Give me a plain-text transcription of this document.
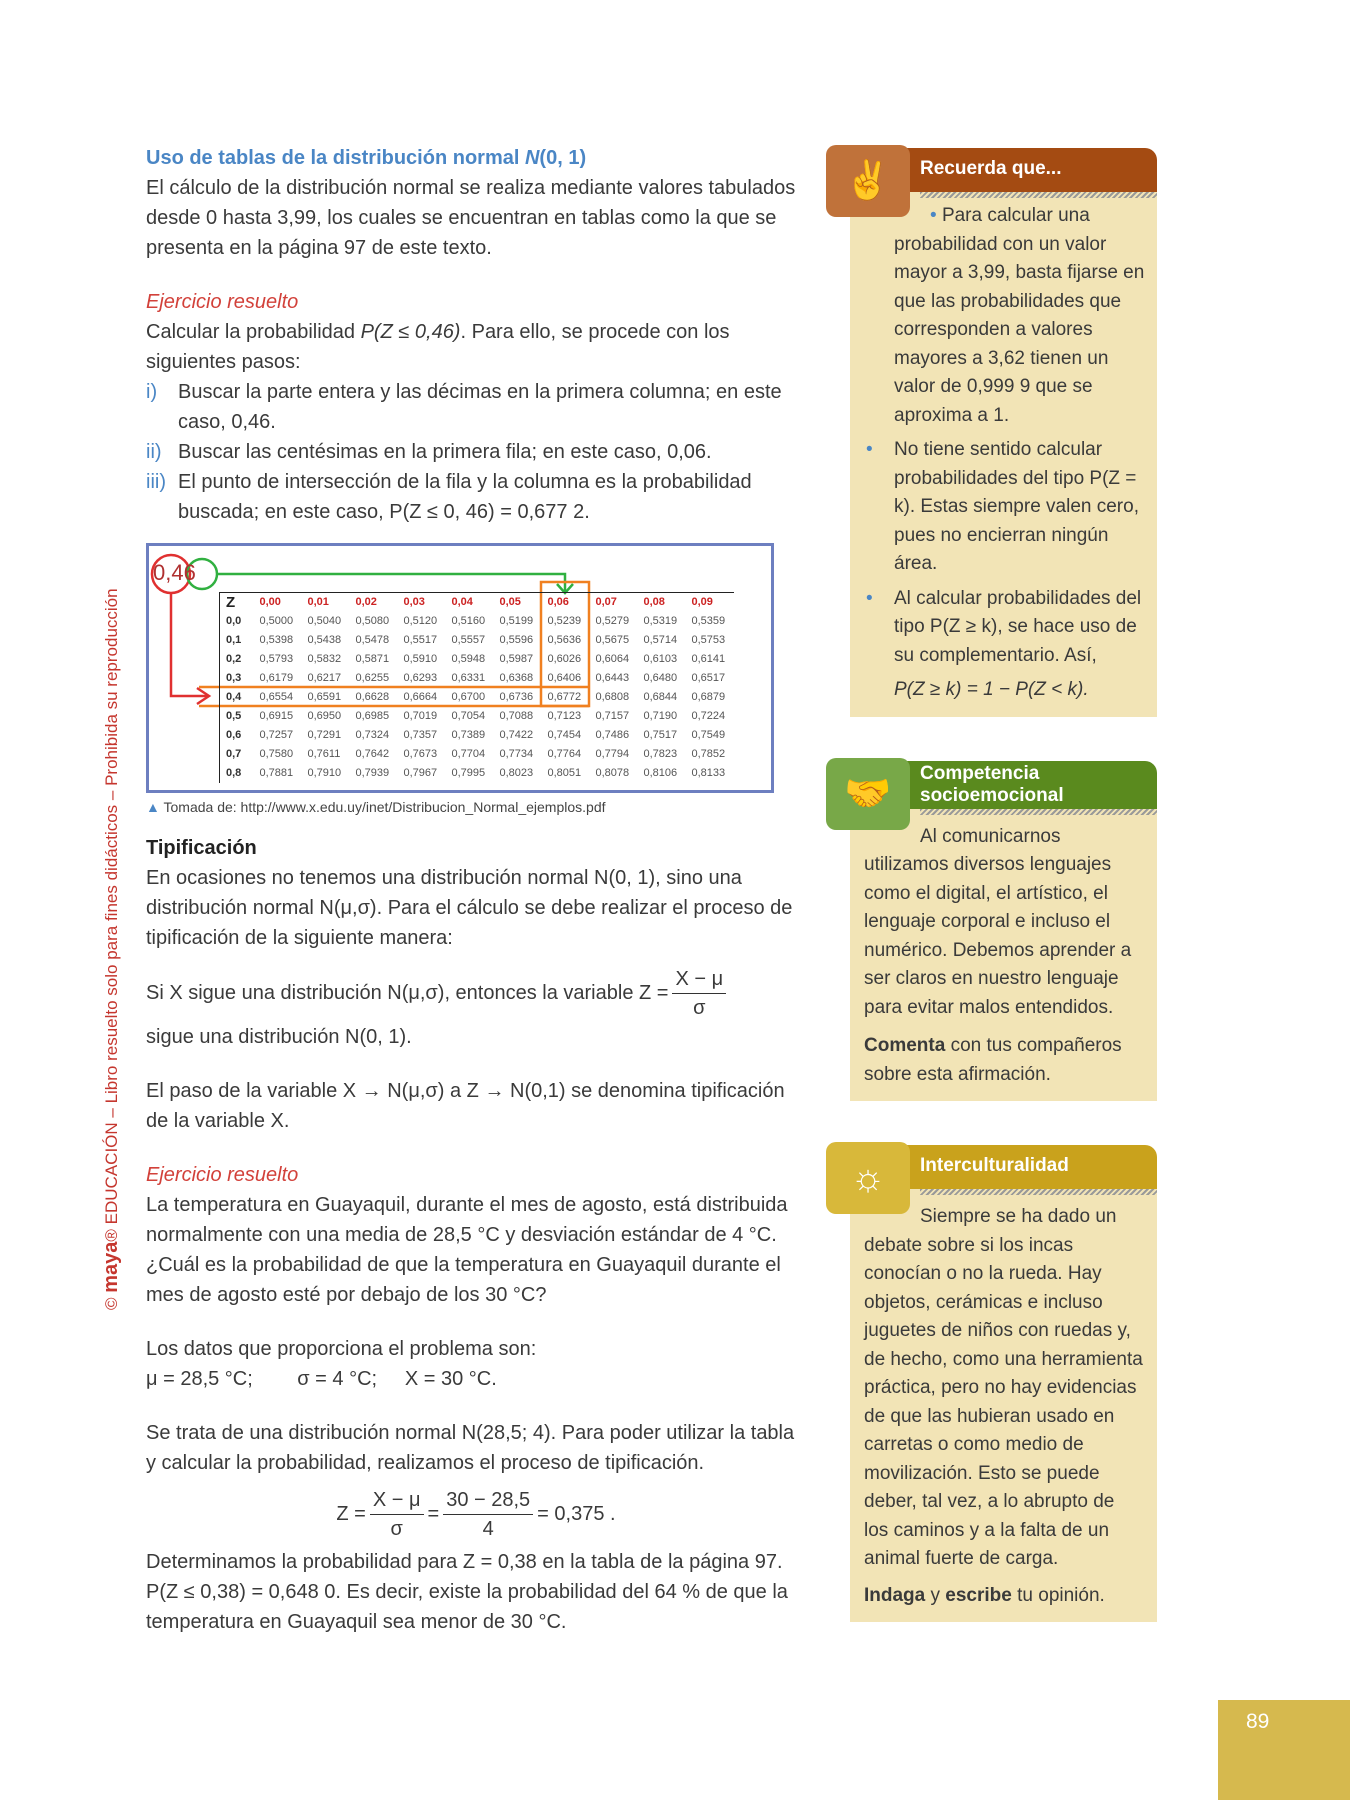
© maya® EDUCACIÓN – Libro resuelto solo para fines didácticos – Prohibida su reproducción
Uso de tablas de la distribución normal N(0, 1)

El cálculo de la distribución normal se realiza mediante valores tabulados desde 0 hasta 3,99, los cuales se encuentran en tablas como la que se presenta en la página 97 de este texto.

Ejercicio resuelto

Calcular la probabilidad P(Z ≤ 0,46). Para ello, se procede con los siguientes pasos:

i) Buscar la parte entera y las décimas en la primera columna; en este caso, 0,46.

ii) Buscar las centésimas en la primera fila; en este caso, 0,06.

iii) El punto de intersección de la fila y la columna es la probabilidad buscada; en este caso, P(Z ≤ 0, 46) = 0,677 2.

0,46
Z	0,00	0,01	0,02	0,03	0,04	0,05	0,06	0,07	0,08	0,09
0,0	0,5000	0,5040	0,5080	0,5120	0,5160	0,5199	0,5239	0,5279	0,5319	0,5359
0,1	0,5398	0,5438	0,5478	0,5517	0,5557	0,5596	0,5636	0,5675	0,5714	0,5753
0,2	0,5793	0,5832	0,5871	0,5910	0,5948	0,5987	0,6026	0,6064	0,6103	0,6141
0,3	0,6179	0,6217	0,6255	0,6293	0,6331	0,6368	0,6406	0,6443	0,6480	0,6517
0,4	0,6554	0,6591	0,6628	0,6664	0,6700	0,6736	0,6772	0,6808	0,6844	0,6879
0,5	0,6915	0,6950	0,6985	0,7019	0,7054	0,7088	0,7123	0,7157	0,7190	0,7224
0,6	0,7257	0,7291	0,7324	0,7357	0,7389	0,7422	0,7454	0,7486	0,7517	0,7549
0,7	0,7580	0,7611	0,7642	0,7673	0,7704	0,7734	0,7764	0,7794	0,7823	0,7852
0,8	0,7881	0,7910	0,7939	0,7967	0,7995	0,8023	0,8051	0,8078	0,8106	0,8133
▲ Tomada de: http://www.x.edu.uy/inet/Distribucion_Normal_ejemplos.pdf
Tipificación

En ocasiones no tenemos una distribución normal N(0, 1), sino una distribución normal N(μ,σ). Para el cálculo se debe realizar el proceso de tipificación de la siguiente manera:

Si X sigue una distribución N(μ,σ), entonces la variable $Z = \frac{X - \mu}{\sigma}$

sigue una distribución N(0, 1).

El paso de la variable X → N(μ,σ) a Z → N(0,1) se denomina tipificación de la variable X.

Ejercicio resuelto

La temperatura en Guayaquil, durante el mes de agosto, está distribuida normalmente con una media de 28,5 °C y desviación estándar de 4 °C. ¿Cuál es la probabilidad de que la temperatura en Guayaquil durante el mes de agosto esté por debajo de los 30 °C?

Los datos que proporciona el problema son:

μ = 28,5 °C;        σ = 4 °C;     X = 30 °C.

Se trata de una distribución normal N(28,5; 4). Para poder utilizar la tabla y calcular la probabilidad, realizamos el proceso de tipificación.

$Z = \frac{X - \mu}{\sigma} = \frac{30 - 28,5}{4} = 0,375$ .

Determinamos la probabilidad para Z = 0,38 en la tabla de la página 97. P(Z ≤ 0,38) = 0,648 0. Es decir, existe la probabilidad del 64 % de que la temperatura en Guayaquil sea menor de 30 °C.

✌	Recuerda que...

• Para calcular una probabilidad con un valor mayor a 3,99, basta fijarse en que las probabilidades que corresponden a valores mayores a 3,62 tienen un valor de 0,999 9 que se aproxima a 1.

• No tiene sentido calcular probabilidades del tipo P(Z = k). Estas siempre valen cero, pues no encierran ningún área.

• Al calcular probabilidades del tipo P(Z ≥ k), se hace uso de su complementario. Así,

P(Z ≥ k) = 1 − P(Z < k).

🤝	Competencia socioemocional

Al comunicarnos utilizamos diversos lenguajes como el digital, el artístico, el lenguaje corporal e incluso el numérico. Debemos aprender a ser claros en nuestro lenguaje para evitar malos entendidos.

Comenta con tus compañeros sobre esta afirmación.

☼	Interculturalidad

Siempre se ha dado un debate sobre si los incas conocían o no la rueda. Hay objetos, cerámicas e incluso juguetes de niños con ruedas y, de hecho, como una herramienta práctica, pero no hay evidencias de que las hubieran usado en carretas o como medio de movilización. Esto se puede deber, tal vez, a lo abrupto de los caminos y a la falta de un animal fuerte de carga.

Indaga y escribe tu opinión.

89
